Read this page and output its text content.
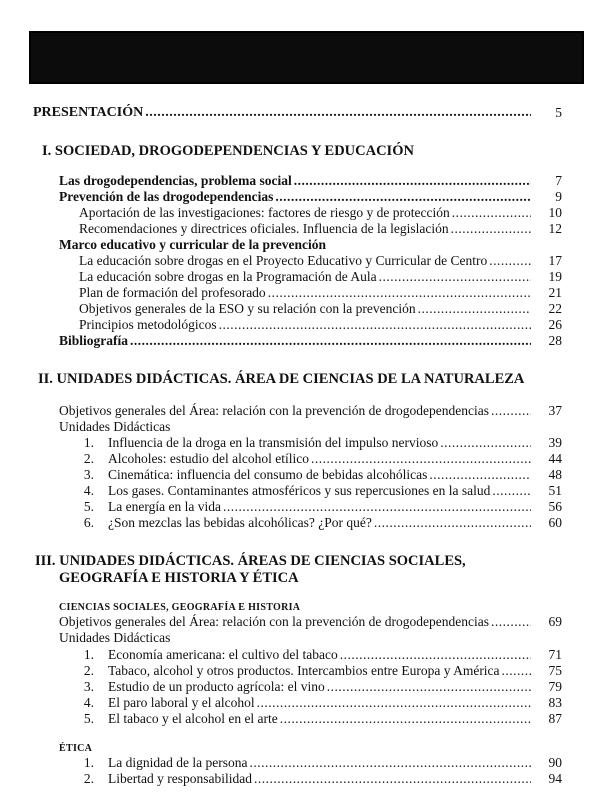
PRESENTACIÓN .....	5
I. SOCIEDAD, DROGODEPENDENCIAS Y EDUCACIÓN
Las drogodependencias, problema social .....	7
Prevención de las drogodependencias .....	9
Aportación de las investigaciones: factores de riesgo y de protección .....	10
Recomendaciones y directrices oficiales. Influencia de la legislación .....	12
Marco educativo y curricular de la prevención
La educación sobre drogas en el Proyecto Educativo y Curricular de Centro .....	17
La educación sobre drogas en la Programación de Aula .....	19
Plan de formación del profesorado .....	21
Objetivos generales de la ESO y su relación con la prevención .....	22
Principios metodológicos .....	26
Bibliografía .....	28
II. UNIDADES DIDÁCTICAS. ÁREA DE CIENCIAS DE LA NATURALEZA
Objetivos generales del Área: relación con la prevención de drogodependencias .....	37
Unidades Didácticas
1. Influencia de la droga en la transmisión del impulso nervioso .....	39
2. Alcoholes: estudio del alcohol etílico .....	44
3. Cinemática: influencia del consumo de bebidas alcohólicas .....	48
4. Los gases. Contaminantes atmosféricos y sus repercusiones en la salud .....	51
5. La energía en la vida .....	56
6. ¿Son mezclas las bebidas alcohólicas? ¿Por qué? .....	60
III. UNIDADES DIDÁCTICAS. ÁREAS DE CIENCIAS SOCIALES,
GEOGRAFÍA E HISTORIA Y ÉTICA
CIENCIAS SOCIALES, GEOGRAFÍA E HISTORIA
Objetivos generales del Área: relación con la prevención de drogodependencias .....	69
Unidades Didácticas
1. Economía americana: el cultivo del tabaco .....	71
2. Tabaco, alcohol y otros productos. Intercambios entre Europa y América .....	75
3. Estudio de un producto agrícola: el vino .....	79
4. El paro laboral y el alcohol .....	83
5. El tabaco y el alcohol en el arte .....	87
ÉTICA
1. La dignidad de la persona .....	90
2. Libertad y responsabilidad .....	94
